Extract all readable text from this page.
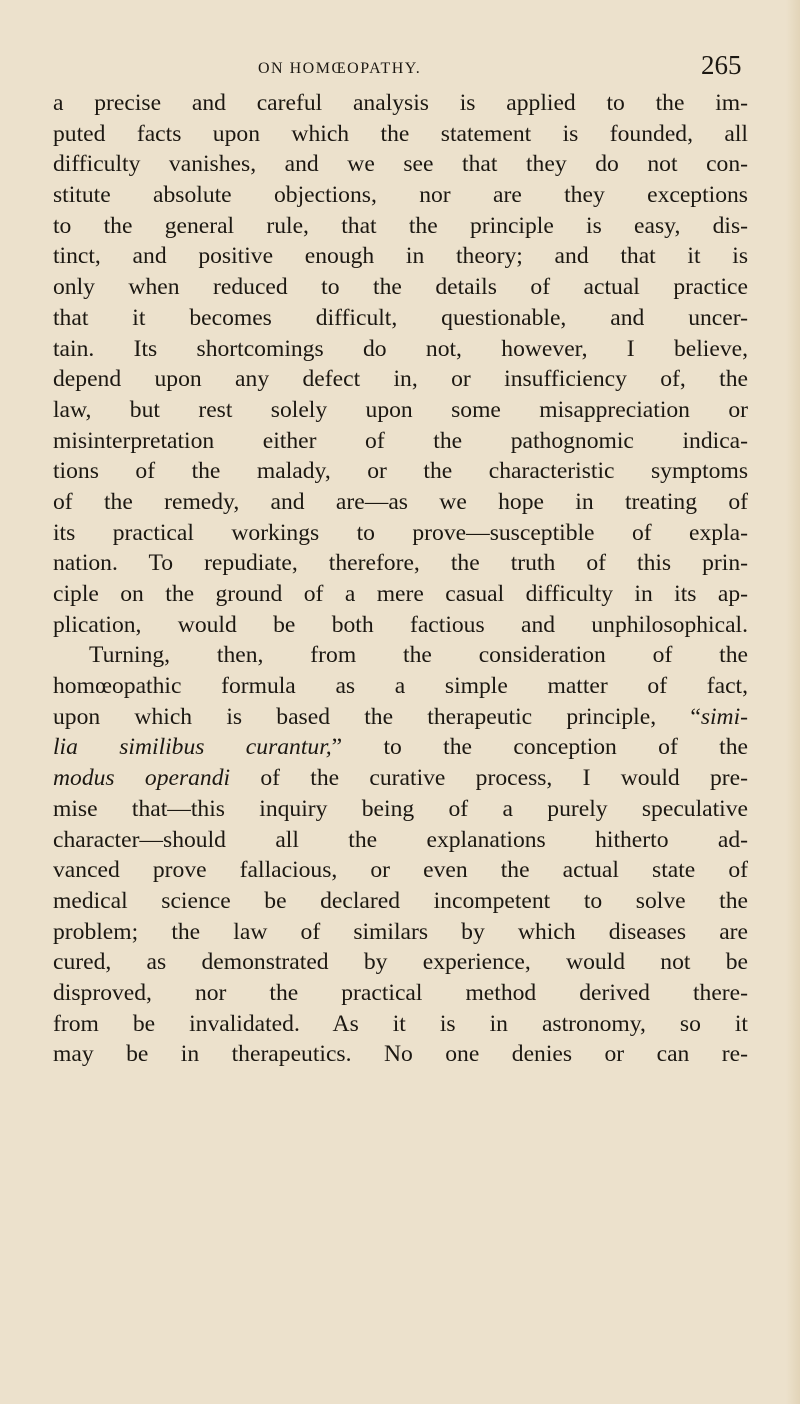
ON HOMŒOPATHY.	265
a precise and careful analysis is applied to the im-
puted facts upon which the statement is founded, all
difficulty vanishes, and we see that they do not con-
stitute absolute objections, nor are they exceptions
to the general rule, that the principle is easy, dis-
tinct, and positive enough in theory; and that it is
only when reduced to the details of actual practice
that it becomes difficult, questionable, and uncer-
tain. Its shortcomings do not, however, I believe,
depend upon any defect in, or insufficiency of, the
law, but rest solely upon some misappreciation or
misinterpretation either of the pathognomic indica-
tions of the malady, or the characteristic symptoms
of the remedy, and are—as we hope in treating of
its practical workings to prove—susceptible of expla-
nation. To repudiate, therefore, the truth of this prin-
ciple on the ground of a mere casual difficulty in its ap-
plication, would be both factious and unphilosophical.
Turning, then, from the consideration of the
homœopathic formula as a simple matter of fact,
upon which is based the therapeutic principle, “simi-
lia similibus curantur,” to the conception of the
modus operandi of the curative process, I would pre-
mise that—this inquiry being of a purely speculative
character—should all the explanations hitherto ad-
vanced prove fallacious, or even the actual state of
medical science be declared incompetent to solve the
problem; the law of similars by which diseases are
cured, as demonstrated by experience, would not be
disproved, nor the practical method derived there-
from be invalidated. As it is in astronomy, so it
may be in therapeutics. No one denies or can re-
